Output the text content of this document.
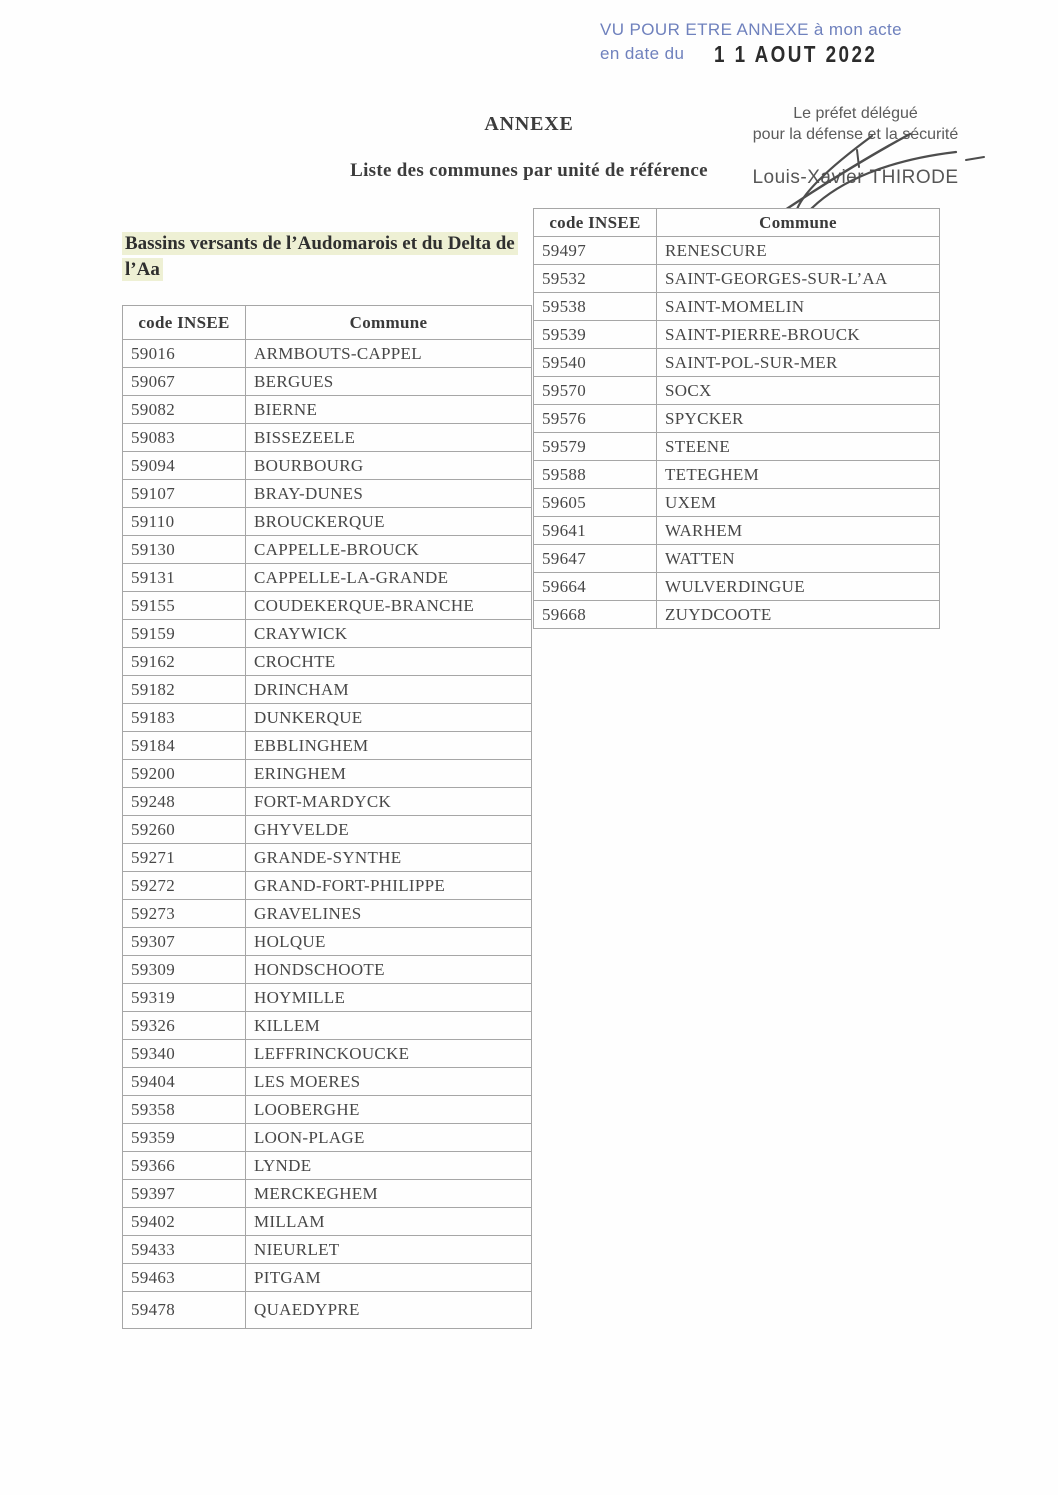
VU POUR ETRE ANNEXE à mon acte
en date du 1 1 AOUT 2022
ANNEXE
Liste des communes par unité de référence
Le préfet délégué
pour la défense et la sécurité
Louis-Xavier THIRODE
Bassins versants de l’Audomarois et du Delta de l’Aa
code INSEE	Commune
59016	ARMBOUTS-CAPPEL
59067	BERGUES
59082	BIERNE
59083	BISSEZEELE
59094	BOURBOURG
59107	BRAY-DUNES
59110	BROUCKERQUE
59130	CAPPELLE-BROUCK
59131	CAPPELLE-LA-GRANDE
59155	COUDEKERQUE-BRANCHE
59159	CRAYWICK
59162	CROCHTE
59182	DRINCHAM
59183	DUNKERQUE
59184	EBBLINGHEM
59200	ERINGHEM
59248	FORT-MARDYCK
59260	GHYVELDE
59271	GRANDE-SYNTHE
59272	GRAND-FORT-PHILIPPE
59273	GRAVELINES
59307	HOLQUE
59309	HONDSCHOOTE
59319	HOYMILLE
59326	KILLEM
59340	LEFFRINCKOUCKE
59404	LES MOERES
59358	LOOBERGHE
59359	LOON-PLAGE
59366	LYNDE
59397	MERCKEGHEM
59402	MILLAM
59433	NIEURLET
59463	PITGAM
59478	QUAEDYPRE
code INSEE	Commune
59497	RENESCURE
59532	SAINT-GEORGES-SUR-L’AA
59538	SAINT-MOMELIN
59539	SAINT-PIERRE-BROUCK
59540	SAINT-POL-SUR-MER
59570	SOCX
59576	SPYCKER
59579	STEENE
59588	TETEGHEM
59605	UXEM
59641	WARHEM
59647	WATTEN
59664	WULVERDINGUE
59668	ZUYDCOOTE
